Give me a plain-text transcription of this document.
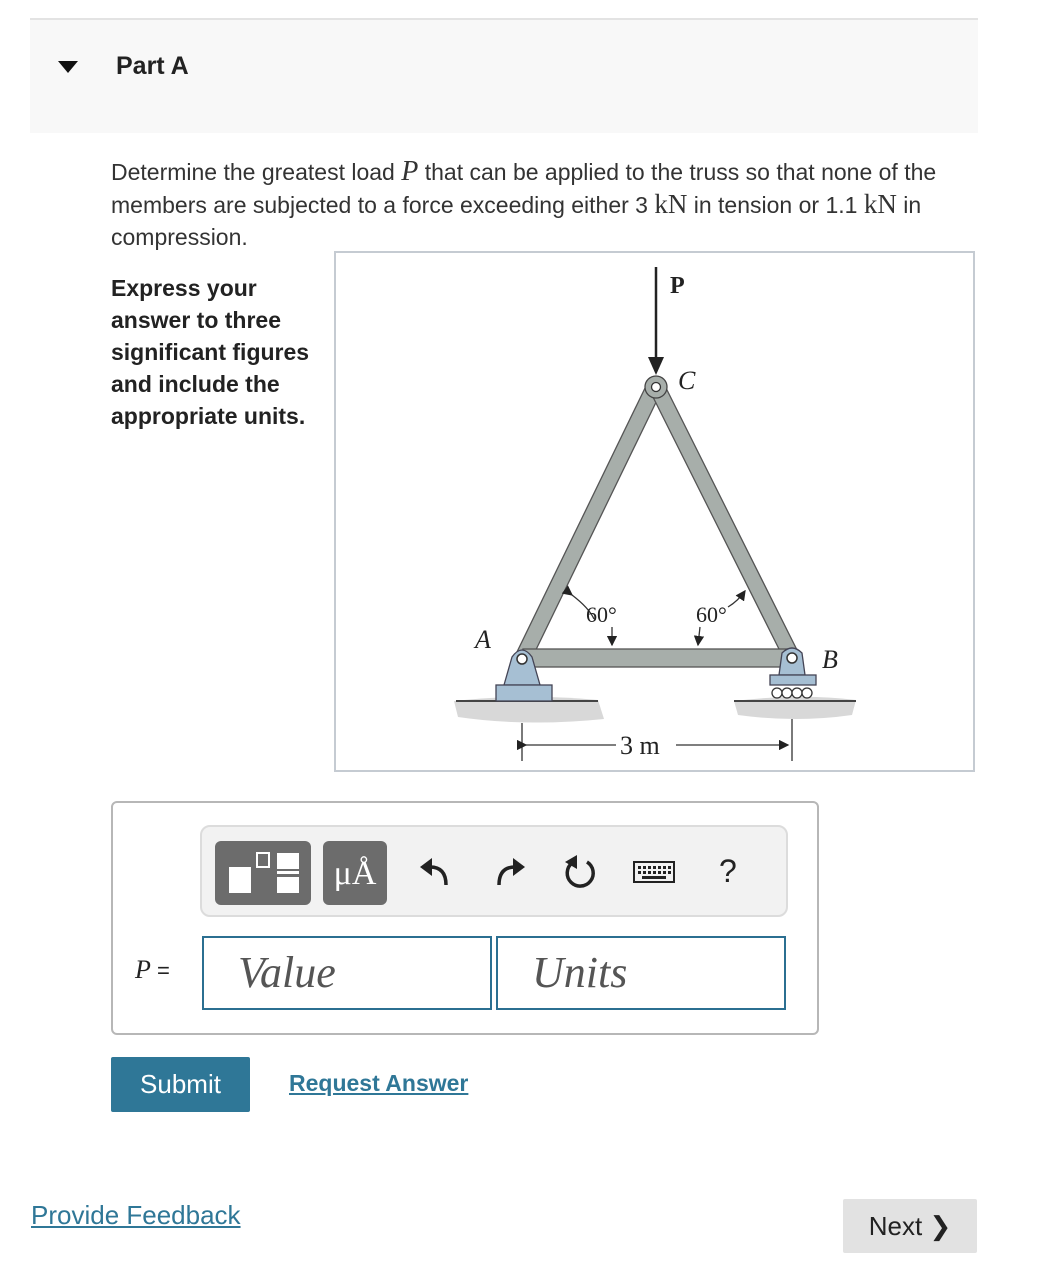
Part A
Determine the greatest load P that can be applied to the truss so that none of the members are subjected to a force exceeding either 3 kN in tension or 1.1 kN in compression.
Express your answer to three significant figures and include the appropriate units.
P
C
A
B
60°	60°
3 m
μÅ	?
P =	Value	Units
Submit	Request Answer
Provide Feedback	Next ❯
